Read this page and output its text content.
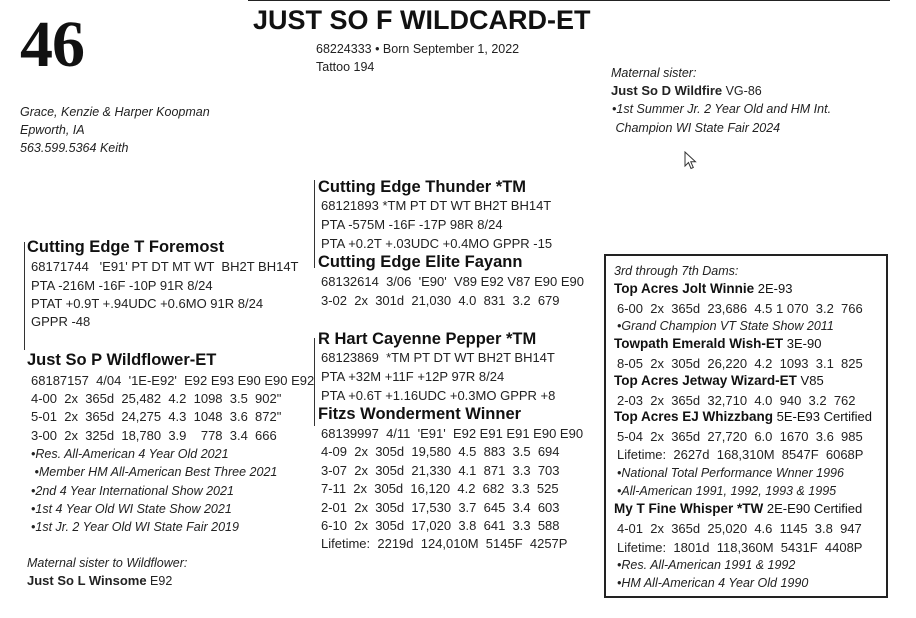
46	JUST SO F WILDCARD-ET
68224333 • Born September 1, 2022
Tattoo 194
Grace, Kenzie & Harper Koopman
Epworth, IA
563.599.5364 Keith
Maternal sister:
Just So D Wildfire VG-86
•1st Summer Jr. 2 Year Old and HM Int.
Champion WI State Fair 2024
Cutting Edge Thunder *TM
68121893 *TM PT DT WT BH2T BH14T
PTA -575M -16F -17P 98R 8/24
PTA +0.2T +.03UDC +0.4MO GPPR -15
Cutting Edge Elite Fayann
68132614  3/06  'E90'  V89 E92 V87 E90 E90
3-02  2x  301d  21,030  4.0  831  3.2  679
Cutting Edge T Foremost
68171744   'E91' PT DT MT WT  BH2T BH14T
PTA -216M -16F -10P 91R 8/24
PTAT +0.9T +.94UDC +0.6MO 91R 8/24
GPPR -48
Just So P Wildflower-ET
68187157  4/04  '1E-E92'  E92 E93 E90 E90 E92
4-00  2x  365d  25,482  4.2  1098  3.5  902"
5-01  2x  365d  24,275  4.3  1048  3.6  872"
3-00  2x  325d  18,780  3.9    778  3.4  666
•Res. All-American 4 Year Old 2021
•Member HM All-American Best Three 2021
•2nd 4 Year International Show 2021
•1st 4 Year Old WI State Show 2021
•1st Jr. 2 Year Old WI State Fair 2019
Maternal sister to Wildflower:
Just So L Winsome E92
R Hart Cayenne Pepper *TM
68123869  *TM PT DT WT BH2T BH14T
PTA +32M +11F +12P 97R 8/24
PTA +0.6T +1.16UDC +0.3MO GPPR +8
Fitzs Wonderment Winner
68139997  4/11  'E91'  E92 E91 E91 E90 E90
4-09  2x  305d  19,580  4.5  883  3.5  694
3-07  2x  305d  21,330  4.1  871  3.3  703
7-11  2x  305d  16,120  4.2  682  3.3  525
2-01  2x  305d  17,530  3.7  645  3.4  603
6-10  2x  305d  17,020  3.8  641  3.3  588
Lifetime:  2219d  124,010M  5145F  4257P
3rd through 7th Dams:
Top Acres Jolt Winnie 2E-93
6-00  2x  365d  23,686  4.5 1 070  3.2  766
•Grand Champion VT State Show 2011
Towpath Emerald Wish-ET 3E-90
8-05  2x  305d  26,220  4.2  1093  3.1  825
Top Acres Jetway Wizard-ET V85
2-03  2x  365d  32,710  4.0  940  3.2  762
Top Acres EJ Whizzbang 5E-E93 Certified
5-04  2x  365d  27,720  6.0  1670  3.6  985
Lifetime:  2627d  168,310M  8547F  6068P
•National Total Performance Wnner 1996
•All-American 1991, 1992, 1993 & 1995
My T Fine Whisper *TW 2E-E90 Certified
4-01  2x  365d  25,020  4.6  1145  3.8  947
Lifetime:  1801d  118,360M  5431F  4408P
•Res. All-American 1991 & 1992
•HM All-American 4 Year Old 1990
